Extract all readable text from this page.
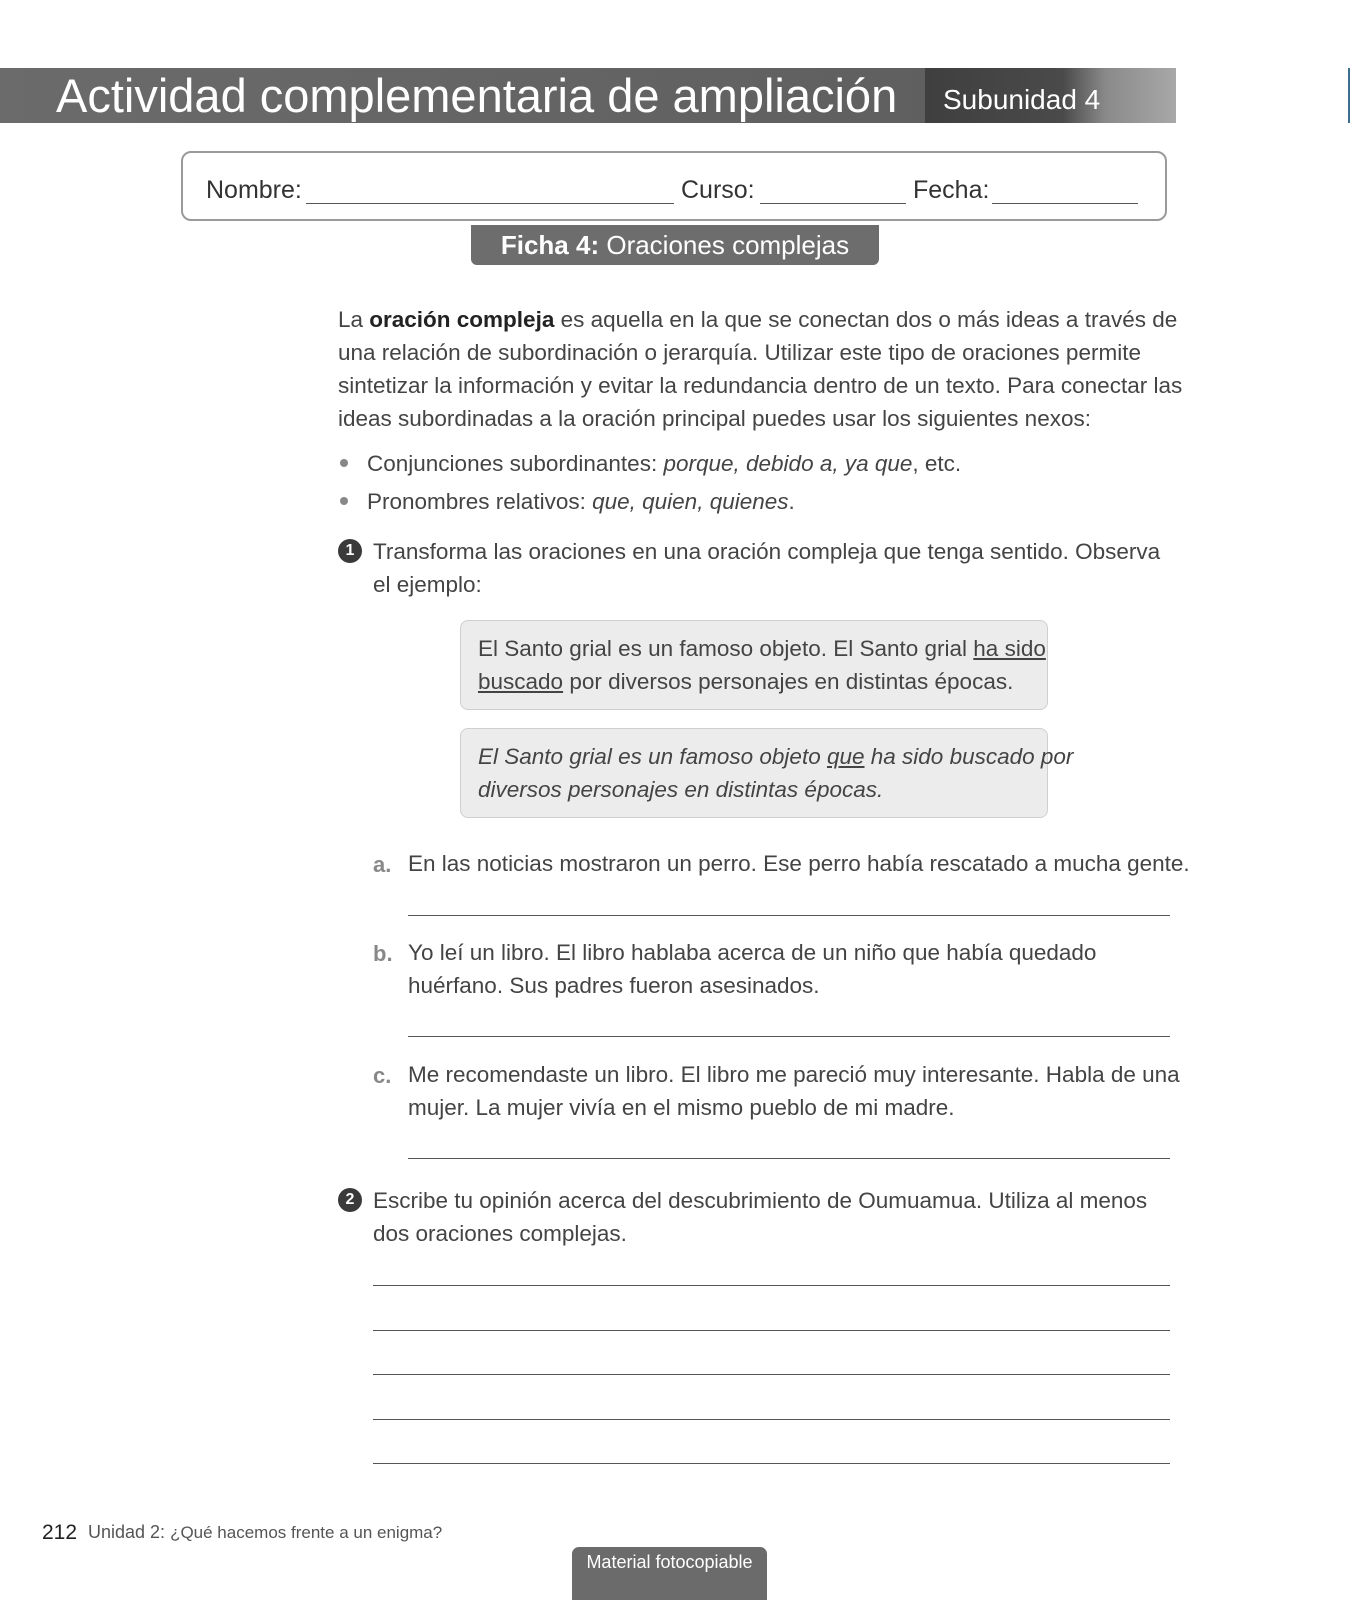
Actividad complementaria de ampliación Subunidad 4
Nombre:	Curso:	Fecha:
Ficha 4: Oraciones complejas
La oración compleja es aquella en la que se conectan dos o más ideas a través de
una relación de subordinación o jerarquía. Utilizar este tipo de oraciones permite
sintetizar la información y evitar la redundancia dentro de un texto. Para conectar las
ideas subordinadas a la oración principal puedes usar los siguientes nexos:
Conjunciones subordinantes: porque, debido a, ya que, etc.
Pronombres relativos: que, quien, quienes.
1 Transforma las oraciones en una oración compleja que tenga sentido. Observa
el ejemplo:
El Santo grial es un famoso objeto. El Santo grial ha sido
buscado por diversos personajes en distintas épocas.
El Santo grial es un famoso objeto que ha sido buscado por
diversos personajes en distintas épocas.
a. En las noticias mostraron un perro. Ese perro había rescatado a mucha gente.
b. Yo leí un libro. El libro hablaba acerca de un niño que había quedado
huérfano. Sus padres fueron asesinados.
c. Me recomendaste un libro. El libro me pareció muy interesante. Habla de una
mujer. La mujer vivía en el mismo pueblo de mi madre.
2 Escribe tu opinión acerca del descubrimiento de Oumuamua. Utiliza al menos
dos oraciones complejas.
212 Unidad 2: ¿Qué hacemos frente a un enigma?
Material fotocopiable
